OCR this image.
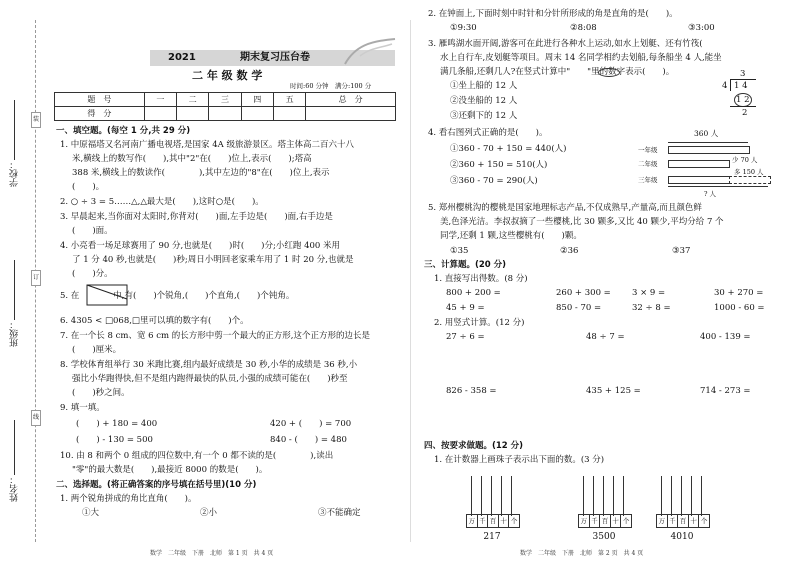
学校：
班级：
姓名：
装
订
线
2021	期末复习压台卷
二 年 级 数 学
时间:60 分钟　满分:100 分
题　号	一	二	三	四	五	总　分
得　分						
一、填空题。(每空 1 分,共 29 分)
1. 中原福塔又名河南广播电视塔,是国家 4A 级旅游景区。塔主体高二百六十八
米,横线上的数写作(　　),其中"2"在(　　)位上,表示(　　);塔高
388 米,横线上的数读作(　　　　),其中左边的"8"在(　　)位上,表示
(　　)。
2. ○ ÷ 3 = 5……△,△最大是(　　),这时○是(　　)。
3. 早晨起来,当你面对太阳时,你背对(　　)面,左手边是(　　)面,右手边是
(　　)面。
4. 小亮看一场足球赛用了 90 分,也就是(　　)时(　　)分;小红跑 400 米用
了 1 分 40 秒,也就是(　　)秒;周日小明回老家乘车用了 1 时 20 分,也就是
(　　)分。
5. 在　　　　中,有(　　)个锐角,(　　)个直角,(　　)个钝角。
6. 4305 < □068,□里可以填的数字有(　　)个。
7. 在一个长 8 cm、宽 6 cm 的长方形中剪一个最大的正方形,这个正方形的边长是
(　　)厘米。
8. 学校体育组举行 30 米跑比赛,组内最好成绩是 30 秒,小华的成绩是 36 秒,小
强比小华跑得快,但不是组内跑得最快的队员,小强的成绩可能在(　　)秒至
(　　)秒之间。
9. 填一填。
(　　) + 180 = 400	420 + (　　) = 700
(　　) - 130 = 500	840 - (　　) = 480
10. 由 8 和两个 0 组成的四位数中,有一个 0 都不读的是(　　　　),读出
"零"的最大数是(　　),最接近 8000 的数是(　　)。
二、选择题。(将正确答案的序号填在括号里)(10 分)
1. 两个锐角拼成的角比直角(　　)。
①大	②小	③不能确定
2. 在钟面上,下面时刻中时针和分针所形成的角是直角的是(　　)。
①9:30	②8:08	③3:00
3. 雁鸣湖水面开阔,游客可在此进行各种水上运动,如水上划艇、还有竹筏(
水上自行车,皮划艇等项目。周末 14 名同学相约去划船,每条船坐 4 人,能坐
满几条船,还剩几人?在竖式计算中"　　"里的数字表示(　　)。
①坐上船的 12 人
②没坐船的 12 人
③还剩下的 12 人
3
4 1 4
1 2
2
4. 看右图列式正确的是(　　)。
①360 - 70 + 150 = 440(人)
②360 + 150 = 510(人)
③360 - 70 = 290(人)
360 人
一年级
二年级	少 70 人
三年级
多 150 人
? 人
5. 郑州樱桃沟的樱桃是国家地理标志产品,不仅成熟早,产量高,而且颜色鲜
美,色泽光洁。李叔叔摘了一些樱桃,比 30 颗多,又比 40 颗少,平均分给 7 个
同学,还剩 1 颗,这些樱桃有(　　)颗。
①35	②36	③37
三、计算题。(20 分)
1. 直接写出得数。(8 分)
800 + 200 =	260 + 300 = 3 × 9 =	30 + 270 =
45 + 9 =	850 - 70 =	32 ÷ 8 =	1000 - 60 =
2. 用竖式计算。(12 分)
27 ÷ 6 =	48 ÷ 7 =	400 - 139 =
826 - 358 =	435 + 125 =	714 - 273 =
四、按要求做题。(12 分)
1. 在计数器上画珠子表示出下面的数。(3 分)
万 千 百 十 个
217
万 千 百 十 个
3500
万 千 百 十 个
4010
数学　二年级　下册　北师　第 1 页　共 4 页	数学　二年级　下册　北师　第 2 页　共 4 页
